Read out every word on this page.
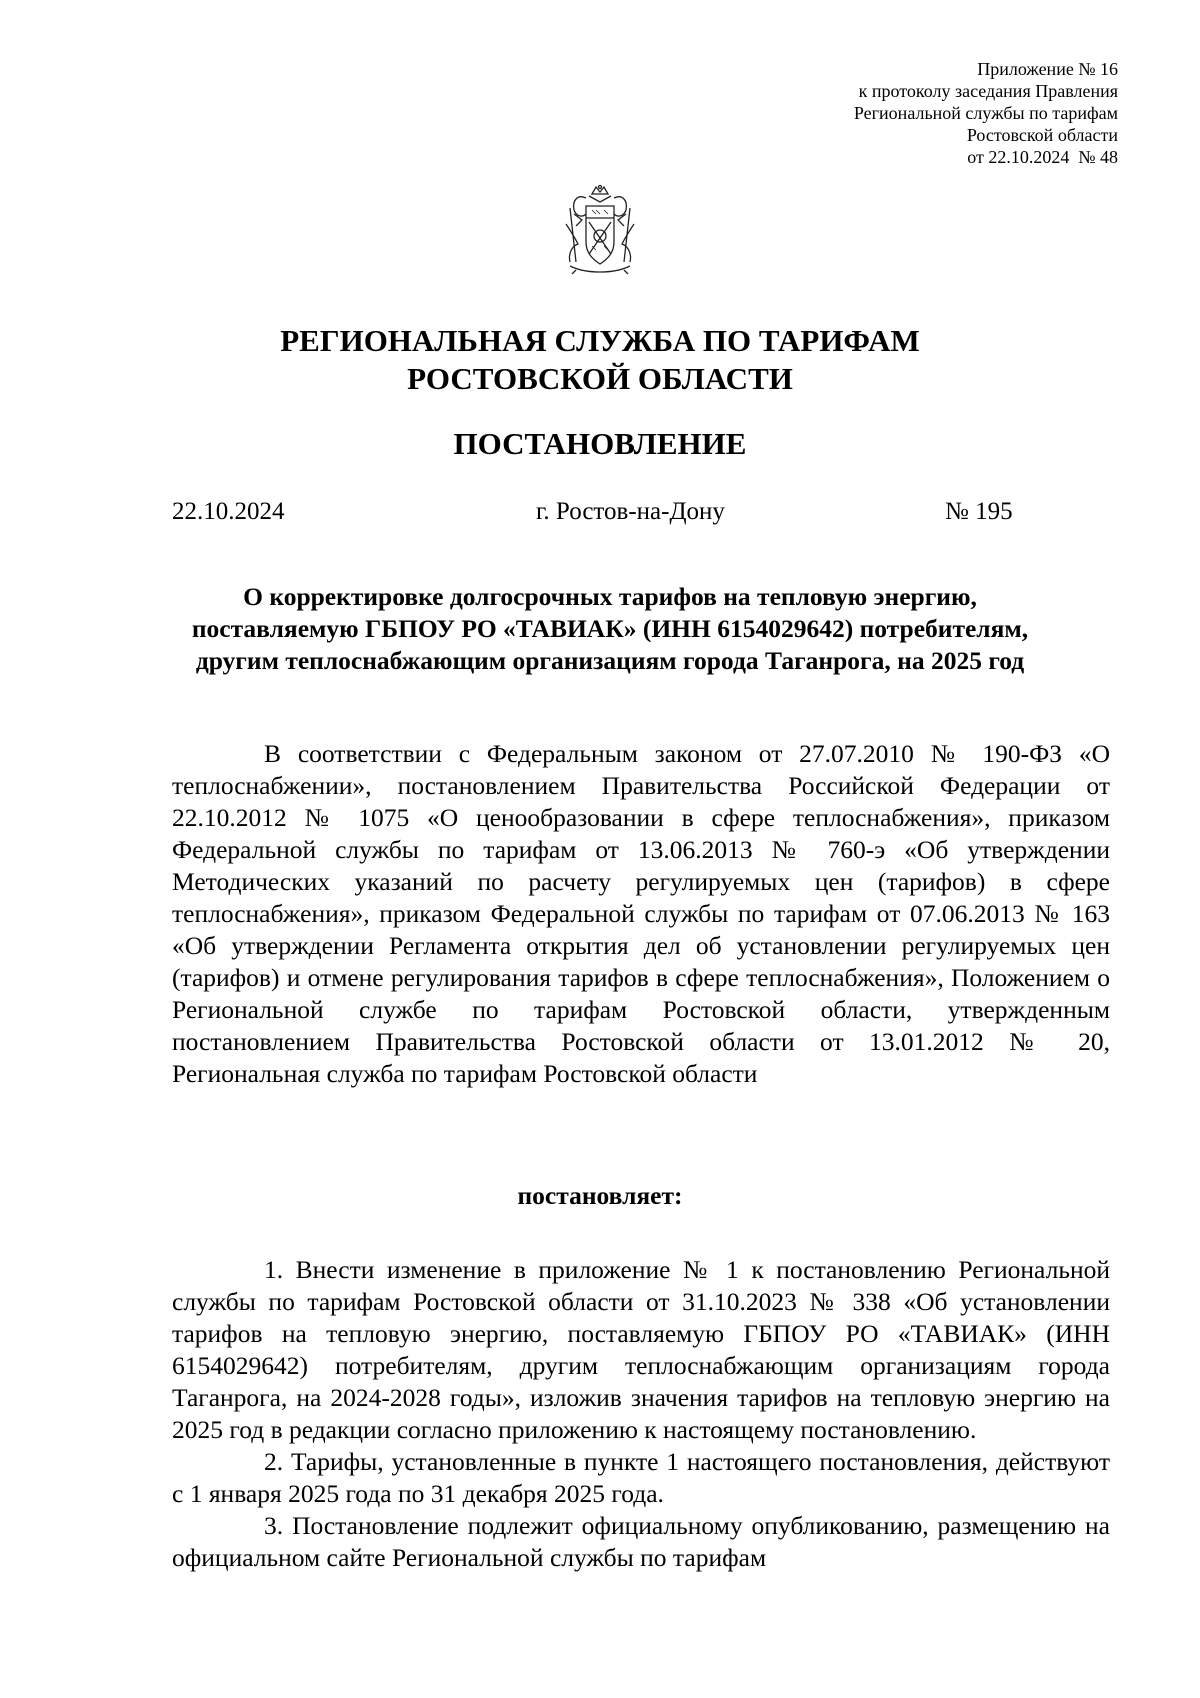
Приложение № 16
к протоколу заседания Правления
Региональной службы по тарифам
Ростовской области
от 22.10.2024  № 48
РЕГИОНАЛЬНАЯ СЛУЖБА ПО ТАРИФАМ
РОСТОВСКОЙ ОБЛАСТИ
ПОСТАНОВЛЕНИЕ
22.10.2024	г. Ростов-на-Дону	№ 195
О корректировке долгосрочных тарифов на тепловую энергию,
поставляемую ГБПОУ РО «ТАВИАК» (ИНН 6154029642) потребителям,
другим теплоснабжающим организациям города Таганрога, на 2025 год

В соответствии с Федеральным законом от 27.07.2010 № 190-ФЗ «О теплоснабжении», постановлением Правительства Российской Федерации от 22.10.2012 № 1075 «О ценообразовании в сфере теплоснабжения», приказом Федеральной службы по тарифам от 13.06.2013 № 760-э «Об утверждении Методических указаний по расчету регулируемых цен (тарифов) в сфере теплоснабжения», приказом Федеральной службы по тарифам от 07.06.2013 № 163 «Об утверждении Регламента открытия дел об установлении регулируемых цен (тарифов) и отмене регулирования тарифов в сфере теплоснабжения», Положением о Региональной службе по тарифам Ростовской области, утвержденным постановлением Правительства Ростовской области от 13.01.2012 № 20, Региональная служба по тарифам Ростовской области

постановляет:

1. Внести изменение в приложение № 1 к постановлению Региональной службы по тарифам Ростовской области от 31.10.2023 № 338 «Об установлении тарифов на тепловую энергию, поставляемую ГБПОУ РО «ТАВИАК» (ИНН 6154029642) потребителям, другим теплоснабжающим организациям города Таганрога, на 2024-2028 годы», изложив значения тарифов на тепловую энергию на 2025 год в редакции согласно приложению к настоящему постановлению.

2. Тарифы, установленные в пункте 1 настоящего постановления, действуют с 1 января 2025 года по 31 декабря 2025 года.

3. Постановление подлежит официальному опубликованию, размещению на официальном сайте Региональной службы по тарифам
